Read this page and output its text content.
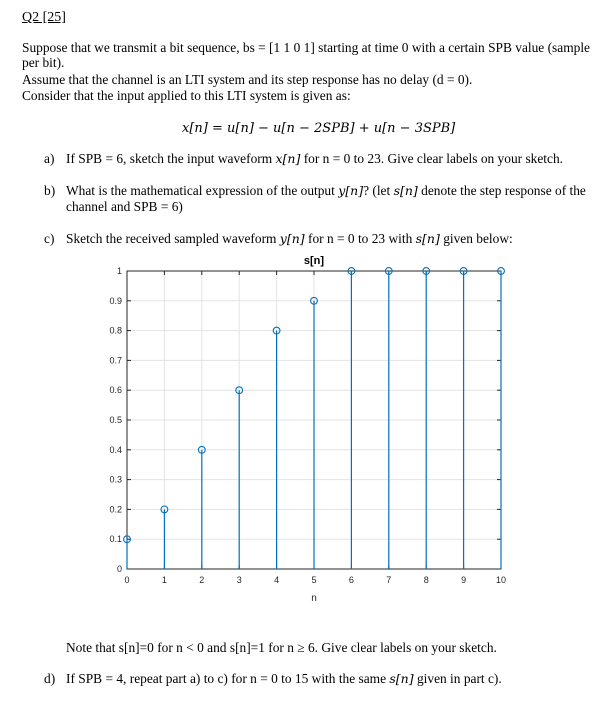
Q2 [25]
Suppose that we transmit a bit sequence, bs = [1 1 0 1] starting at time 0 with a certain SPB value (sample
per bit).
Assume that the channel is an LTI system and its step response has no delay (d = 0).
Consider that the input applied to this LTI system is given as:
x[n] = u[n] − u[n − 2SPB] + u[n − 3SPB]
a) If SPB = 6, sketch the input waveform x[n] for n = 0 to 23. Give clear labels on your sketch.
b) What is the mathematical expression of the output y[n]? (let s[n] denote the step response of the
channel and SPB = 6)
c) Sketch the received sampled waveform y[n] for n = 0 to 23 with s[n] given below:
0	1	2	3	4	5	6	7	8	9	10
0
0.1
0.2
0.3
0.4
0.5
0.6
0.7
0.8
0.9
1
s[n]
n
Note that s[n]=0 for n < 0 and s[n]=1 for n ≥ 6. Give clear labels on your sketch.
d) If SPB = 4, repeat part a) to c) for n = 0 to 15 with the same s[n] given in part c).
